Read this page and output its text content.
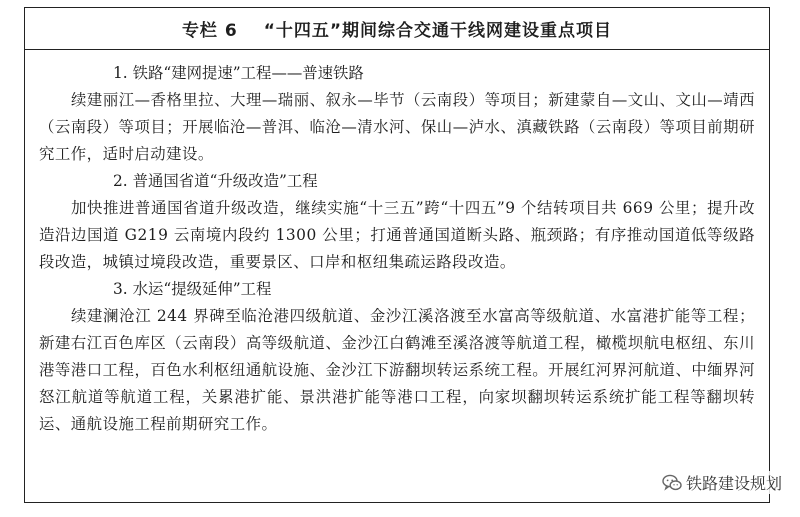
专栏 6 “十四五”期间综合交通干线网建设重点项目
1. 铁路“建网提速”工程——普速铁路
续建丽江—香格里拉、大理—瑞丽、叙永—毕节（云南段）等项目；新建蒙自—文山、文山—靖西（云南段）等项目；开展临沧—普洱、临沧—清水河、保山—泸水、滇藏铁路（云南段）等项目前期研究工作，适时启动建设。
2. 普通国省道“升级改造”工程
加快推进普通国省道升级改造，继续实施“十三五”跨“十四五”9 个结转项目共 669 公里；提升改造沿边国道 G219 云南境内段约 1300 公里；打通普通国道断头路、瓶颈路；有序推动国道低等级路段改造，城镇过境段改造，重要景区、口岸和枢纽集疏运路段改造。
3. 水运“提级延伸”工程
续建澜沧江 244 界碑至临沧港四级航道、金沙江溪洛渡至水富高等级航道、水富港扩能等工程；新建右江百色库区（云南段）高等级航道、金沙江白鹤滩至溪洛渡等航道工程，橄榄坝航电枢纽、东川港等港口工程，百色水利枢纽通航设施、金沙江下游翻坝转运系统工程。开展红河界河航道、中缅界河怒江航道等航道工程，关累港扩能、景洪港扩能等港口工程，向家坝翻坝转运系统扩能工程等翻坝转运、通航设施工程前期研究工作。
铁路建设规划
